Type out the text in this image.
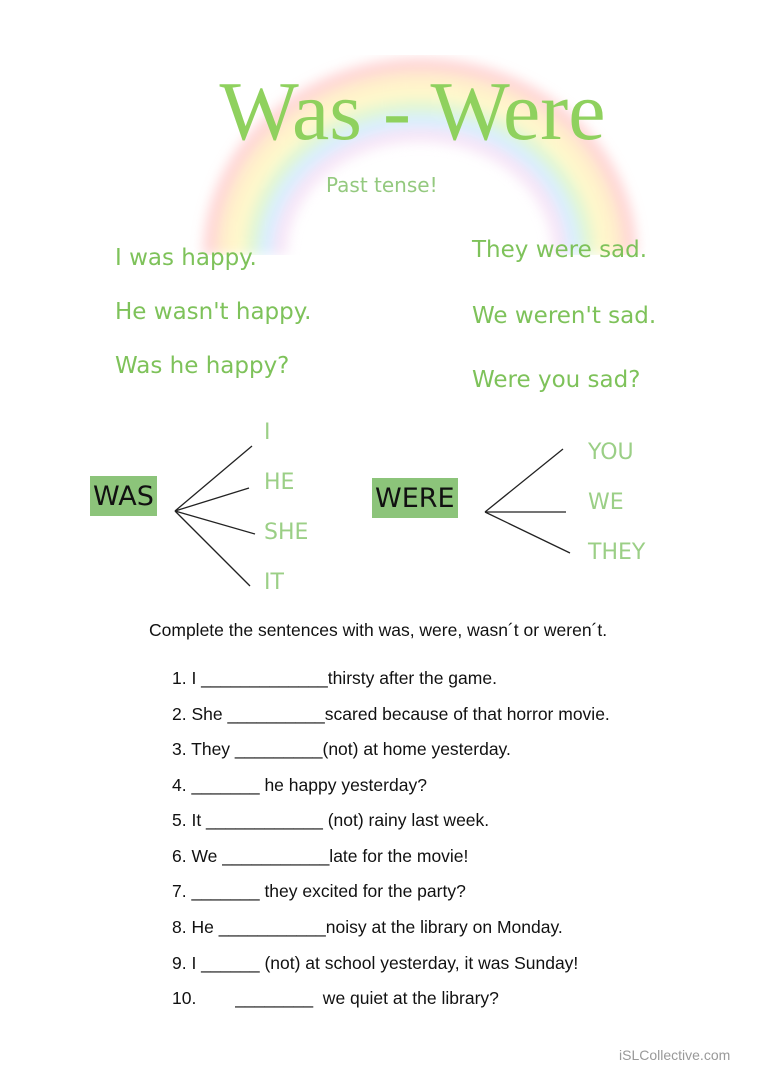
Was - Were
Past tense!
I was happy.
He wasn't happy.
Was he happy?
They were sad.
We weren't sad.
Were you sad?
WAS
I
HE
SHE
IT
WERE
YOU
WE
THEY
Complete the sentences with was, were, wasn´t or weren´t.
1. I _____________thirsty after the game.
2. She __________scared because of that horror movie.
3. They _________(not) at home yesterday.
4. _______ he happy yesterday?
5. It ____________ (not) rainy last week.
6. We ___________late for the movie!
7. _______ they excited for the party?
8. He ___________noisy at the library on Monday.
9. I ______ (not) at school yesterday, it was Sunday!
10.        ________  we quiet at the library?
iSLCollective.com
